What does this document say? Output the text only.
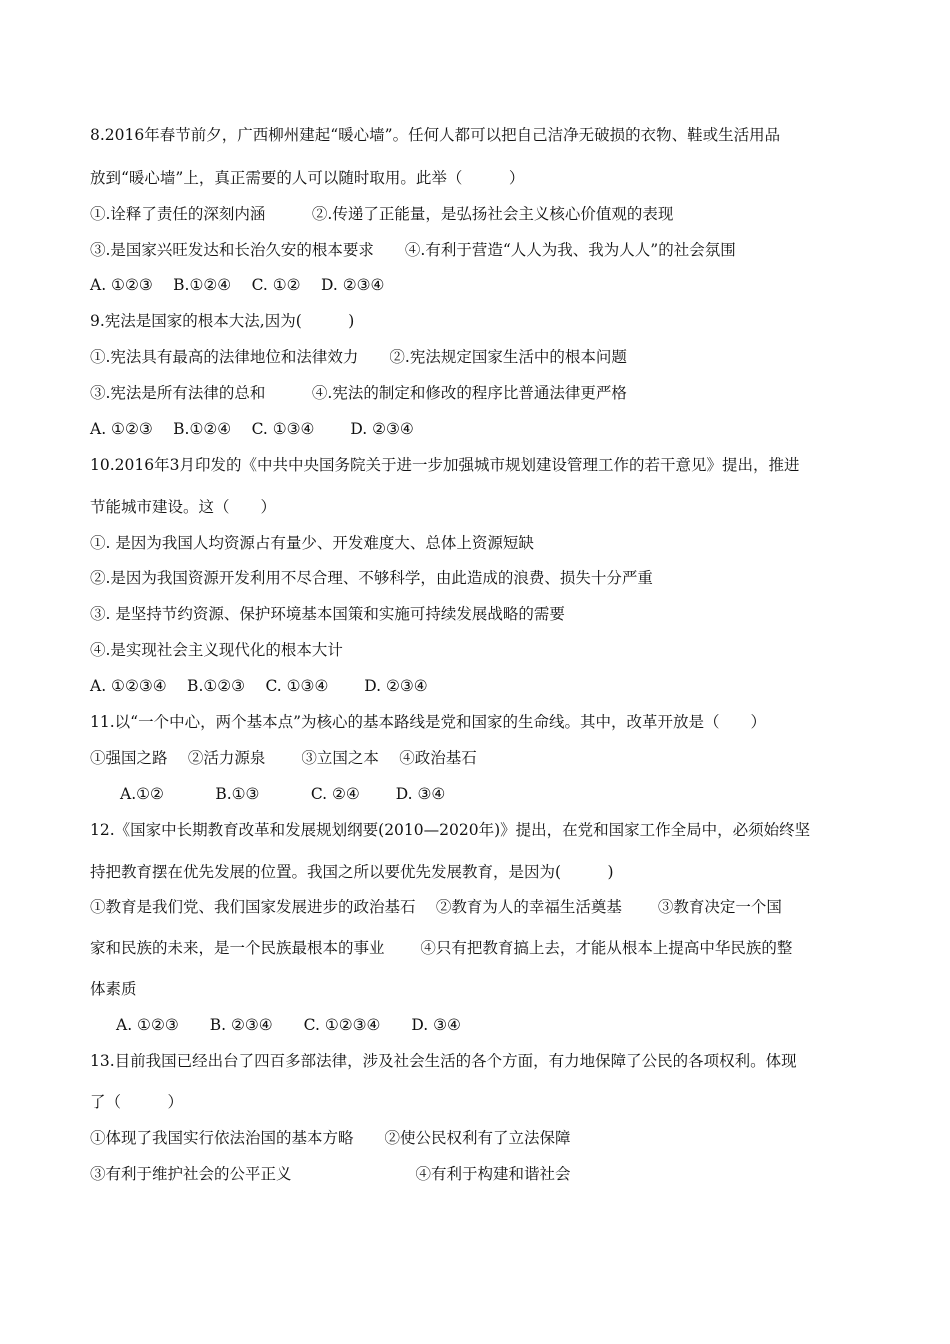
8.2016年春节前夕，广西柳州建起“暖心墙”。任何人都可以把自己洁净无破损的衣物、鞋或生活用品
放到“暖心墙”上，真正需要的人可以随时取用。此举（　　　）
①.诠释了责任的深刻内涵　　　②.传递了正能量，是弘扬社会主义核心价值观的表现
③.是国家兴旺发达和长治久安的根本要求　　④.有利于营造“人人为我、我为人人”的社会氛围
A. ①②③　 B.①②④　 C. ①②　 D. ②③④
9.宪法是国家的根本大法,因为(　　　)
①.宪法具有最高的法律地位和法律效力　　②.宪法规定国家生活中的根本问题
③.宪法是所有法律的总和　　　④.宪法的制定和修改的程序比普通法律更严格
A. ①②③　 B.①②④　 C. ①③④　　 D. ②③④
10.2016年3月印发的《中共中央国务院关于进一步加强城市规划建设管理工作的若干意见》提出，推进
节能城市建设。这（　　）
①. 是因为我国人均资源占有量少、开发难度大、总体上资源短缺
②.是因为我国资源开发利用不尽合理、不够科学，由此造成的浪费、损失十分严重
③. 是坚持节约资源、保护环境基本国策和实施可持续发展战略的需要
④.是实现社会主义现代化的根本大计
A. ①②③④　 B.①②③　 C. ①③④　　 D. ②③④
11.以“一个中心，两个基本点”为核心的基本路线是党和国家的生命线。其中，改革开放是（　　）
①强国之路　 ②活力源泉　　 ③立国之本　 ④政治基石
A.①②　　　 B.①③　　　 C. ②④　　 D. ③④
12.《国家中长期教育改革和发展规划纲要(2010—2020年)》提出，在党和国家工作全局中，必须始终坚
持把教育摆在优先发展的位置。我国之所以要优先发展教育，是因为(　　　)
①教育是我们党、我们国家发展进步的政治基石　 ②教育为人的幸福生活奠基　　 ③教育决定一个国
家和民族的未来，是一个民族最根本的事业　　 ④只有把教育搞上去，才能从根本上提高中华民族的整
体素质
A. ①②③　　B. ②③④　　C. ①②③④　　D. ③④
13.目前我国已经出台了四百多部法律，涉及社会生活的各个方面，有力地保障了公民的各项权利。体现
了（　　　）
①体现了我国实行依法治国的基本方略　　②使公民权利有了立法保障
③有利于维护社会的公平正义　　　　　　　　④有利于构建和谐社会
